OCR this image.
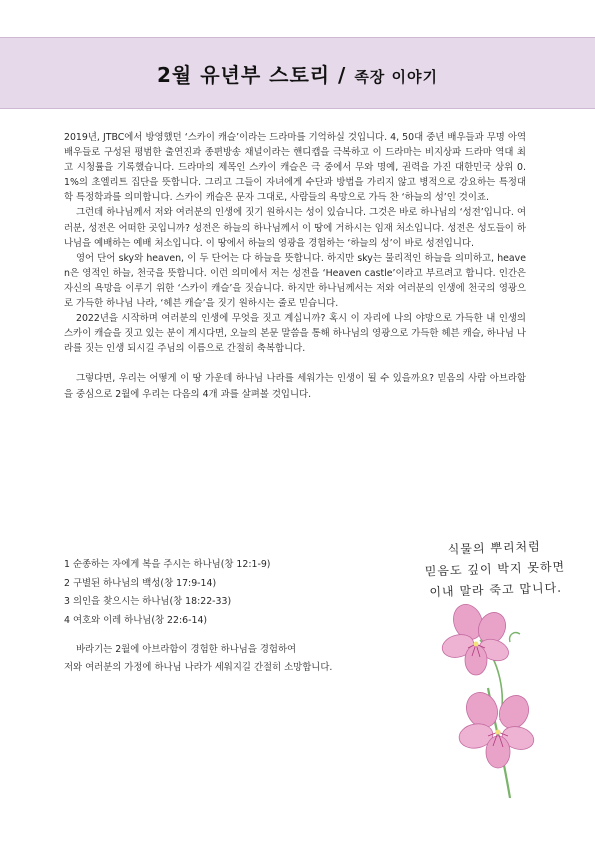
2월 유년부 스토리 / 족장 이야기

2019년, JTBC에서 방영했던 ‘스카이 캐슬’이라는 드라마를 기억하실 것입니다. 4, 50대 중년 배우들과 무명 아역배우들로 구성된 평범한 출연진과 종편방송 채널이라는 핸디캡을 극복하고 이 드라마는 비지상파 드라마 역대 최고 시청률을 기록했습니다. 드라마의 제목인 스카이 캐슬은 극 중에서 무와 명예, 권력을 가진 대한민국 상위 0.1%의 초엘리트 집단을 뜻합니다. 그리고 그들이 자녀에게 수단과 방법을 가리지 않고 병적으로 강요하는 특정대학 특정학과를 의미합니다. 스카이 캐슬은 문자 그대로, 사람들의 욕망으로 가득 찬 ‘하늘의 성’인 것이죠.

그런데 하나님께서 저와 여러분의 인생에 짓기 원하시는 성이 있습니다. 그것은 바로 하나님의 ‘성전’입니다. 여러분, 성전은 어떠한 곳입니까? 성전은 하늘의 하나님께서 이 땅에 거하시는 임재 처소입니다. 성전은 성도들이 하나님을 예배하는 예배 처소입니다. 이 땅에서 하늘의 영광을 경험하는 ‘하늘의 성’이 바로 성전입니다.

영어 단어 sky와 heaven, 이 두 단어는 다 하늘을 뜻합니다. 하지만 sky는 물리적인 하늘을 의미하고, heaven은 영적인 하늘, 천국을 뜻합니다. 이런 의미에서 저는 성전을 ‘Heaven castle’이라고 부르려고 합니다. 인간은 자신의 욕망을 이루기 위한 ‘스카이 캐슬’을 짓습니다. 하지만 하나님께서는 저와 여러분의 인생에 천국의 영광으로 가득한 하나님 나라, ‘헤븐 캐슬’을 짓기 원하시는 줄로 믿습니다.

2022년을 시작하며 여러분의 인생에 무엇을 짓고 계십니까? 혹시 이 자리에 나의 야망으로 가득한 내 인생의 스카이 캐슬을 짓고 있는 분이 계시다면, 오늘의 본문 말씀을 통해 하나님의 영광으로 가득한 헤븐 캐슬, 하나님 나라를 짓는 인생 되시길 주님의 이름으로 간절히 축복합니다.

그렇다면, 우리는 어떻게 이 땅 가운데 하나님 나라를 세워가는 인생이 될 수 있을까요? 믿음의 사람 아브라함을 중심으로 2월에 우리는 다음의 4개 과를 살펴볼 것입니다.

1 순종하는 자에게 복을 주시는 하나님(창 12:1-9)
2 구별된 하나님의 백성(창 17:9-14)
3 의인을 찾으시는 하나님(창 18:22-33)
4 여호와 이레 하나님(창 22:6-14)

바라기는 2월에 아브라함이 경험한 하나님을 경험하여

저와 여러분의 가정에 하나님 나라가 세워지길 간절히 소망합니다.

식물의 뿌리처럼
믿음도 깊이 박지 못하면
이내 말라 죽고 맙니다.
